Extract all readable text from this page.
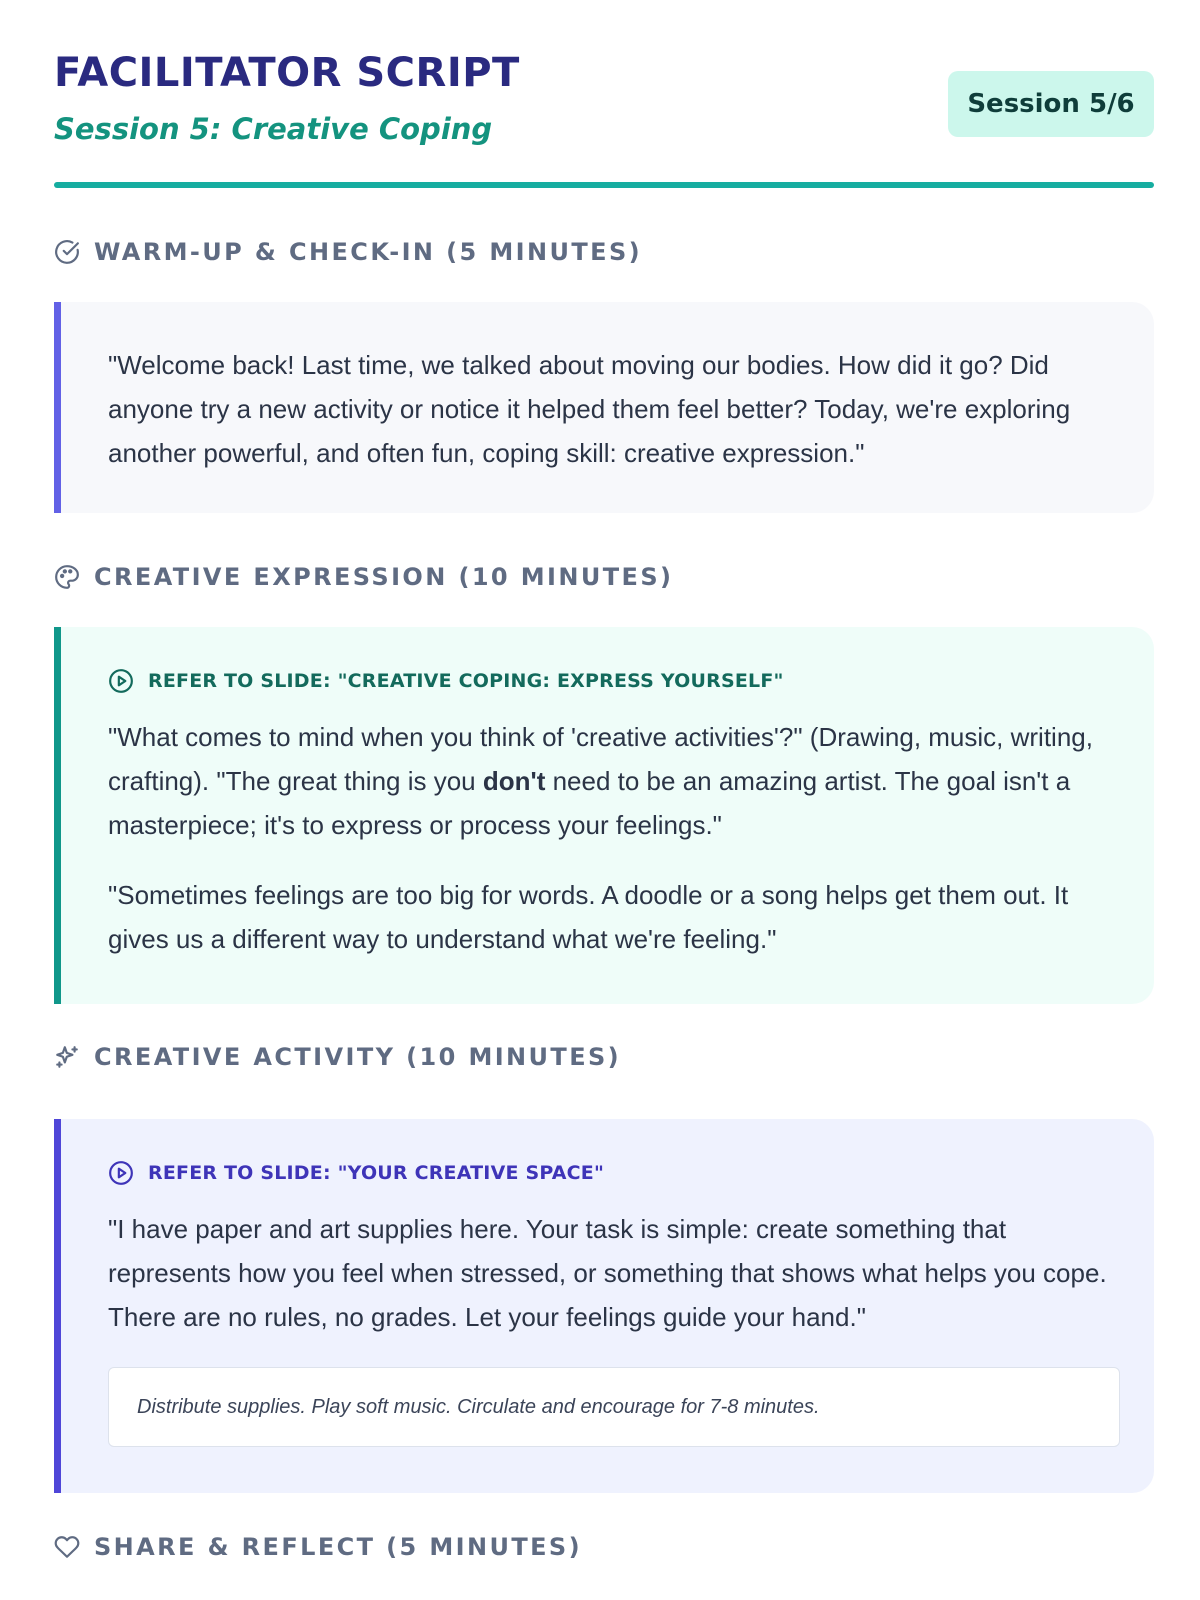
FACILITATOR SCRIPT
Session 5: Creative Coping
Session 5/6
WARM-UP & CHECK-IN (5 MINUTES)

"Welcome back! Last time, we talked about moving our bodies. How did it go? Did anyone try a new activity or notice it helped them feel better? Today, we're exploring another powerful, and often fun, coping skill: creative expression."

CREATIVE EXPRESSION (10 MINUTES)
REFER TO SLIDE: "CREATIVE COPING: EXPRESS YOURSELF"

"What comes to mind when you think of 'creative activities'?" (Drawing, music, writing, crafting). "The great thing is you don't need to be an amazing artist. The goal isn't a masterpiece; it's to express or process your feelings."

"Sometimes feelings are too big for words. A doodle or a song helps get them out. It gives us a different way to understand what we're feeling."

CREATIVE ACTIVITY (10 MINUTES)
REFER TO SLIDE: "YOUR CREATIVE SPACE"

"I have paper and art supplies here. Your task is simple: create something that represents how you feel when stressed, or something that shows what helps you cope. There are no rules, no grades. Let your feelings guide your hand."

Distribute supplies. Play soft music. Circulate and encourage for 7-8 minutes.
SHARE & REFLECT (5 MINUTES)
